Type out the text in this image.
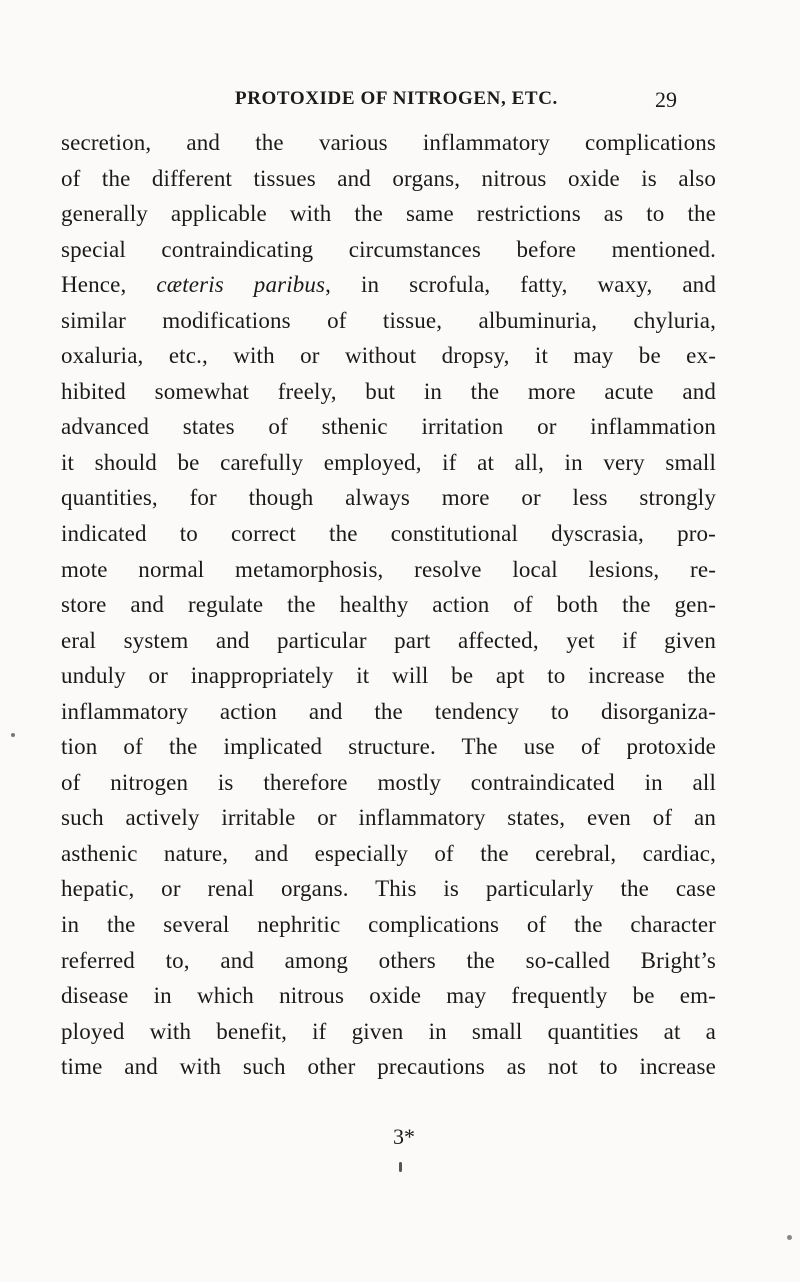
PROTOXIDE OF NITROGEN, ETC.	29
secretion, and the various inflammatory complications
of the different tissues and organs, nitrous oxide is also
generally applicable with the same restrictions as to the
special contraindicating circumstances before mentioned.
Hence, cæteris paribus, in scrofula, fatty, waxy, and
similar modifications of tissue, albuminuria, chyluria,
oxaluria, etc., with or without dropsy, it may be ex-
hibited somewhat freely, but in the more acute and
advanced states of sthenic irritation or inflammation
it should be carefully employed, if at all, in very small
quantities, for though always more or less strongly
indicated to correct the constitutional dyscrasia, pro-
mote normal metamorphosis, resolve local lesions, re-
store and regulate the healthy action of both the gen-
eral system and particular part affected, yet if given
unduly or inappropriately it will be apt to increase the
inflammatory action and the tendency to disorganiza-
tion of the implicated structure. The use of protoxide
of nitrogen is therefore mostly contraindicated in all
such actively irritable or inflammatory states, even of an
asthenic nature, and especially of the cerebral, cardiac,
hepatic, or renal organs. This is particularly the case
in the several nephritic complications of the character
referred to, and among others the so-called Bright’s
disease in which nitrous oxide may frequently be em-
ployed with benefit, if given in small quantities at a
time and with such other precautions as not to increase
3*
